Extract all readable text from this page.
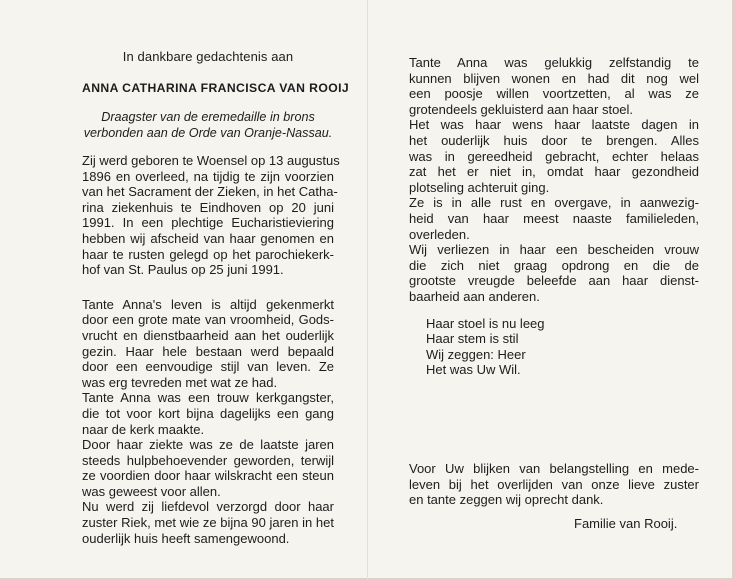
In dankbare gedachtenis aan
ANNA CATHARINA FRANCISCA VAN ROOIJ
Draagster van de eremedaille in brons
verbonden aan de Orde van Oranje-Nassau.
Zij werd geboren te Woensel op 13 augustus
1896 en overleed, na tijdig te zijn voorzien
van het Sacrament der Zieken, in het Catha-
rina ziekenhuis te Eindhoven op 20 juni
1991. In een plechtige Eucharistieviering
hebben wij afscheid van haar genomen en
haar te rusten gelegd op het parochiekerk-
hof van St. Paulus op 25 juni 1991.
Tante Anna's leven is altijd gekenmerkt
door een grote mate van vroomheid, Gods-
vrucht en dienstbaarheid aan het ouderlijk
gezin. Haar hele bestaan werd bepaald
door een eenvoudige stijl van leven. Ze
was erg tevreden met wat ze had.
Tante Anna was een trouw kerkgangster,
die tot voor kort bijna dagelijks een gang
naar de kerk maakte.
Door haar ziekte was ze de laatste jaren
steeds hulpbehoevender geworden, terwijl
ze voordien door haar wilskracht een steun
was geweest voor allen.
Nu werd zij liefdevol verzorgd door haar
zuster Riek, met wie ze bijna 90 jaren in het
ouderlijk huis heeft samengewoond.
Tante Anna was gelukkig zelfstandig te
kunnen blijven wonen en had dit nog wel
een poosje willen voortzetten, al was ze
grotendeels gekluisterd aan haar stoel.
Het was haar wens haar laatste dagen in
het ouderlijk huis door te brengen. Alles
was in gereedheid gebracht, echter helaas
zat het er niet in, omdat haar gezondheid
plotseling achteruit ging.
Ze is in alle rust en overgave, in aanwezig-
heid van haar meest naaste familieleden,
overleden.
Wij verliezen in haar een bescheiden vrouw
die zich niet graag opdrong en die de
grootste vreugde beleefde aan haar dienst-
baarheid aan anderen.
Haar stoel is nu leeg
Haar stem is stil
Wij zeggen: Heer
Het was Uw Wil.
Voor Uw blijken van belangstelling en mede-
leven bij het overlijden van onze lieve zuster
en tante zeggen wij oprecht dank.
Familie van Rooij.
